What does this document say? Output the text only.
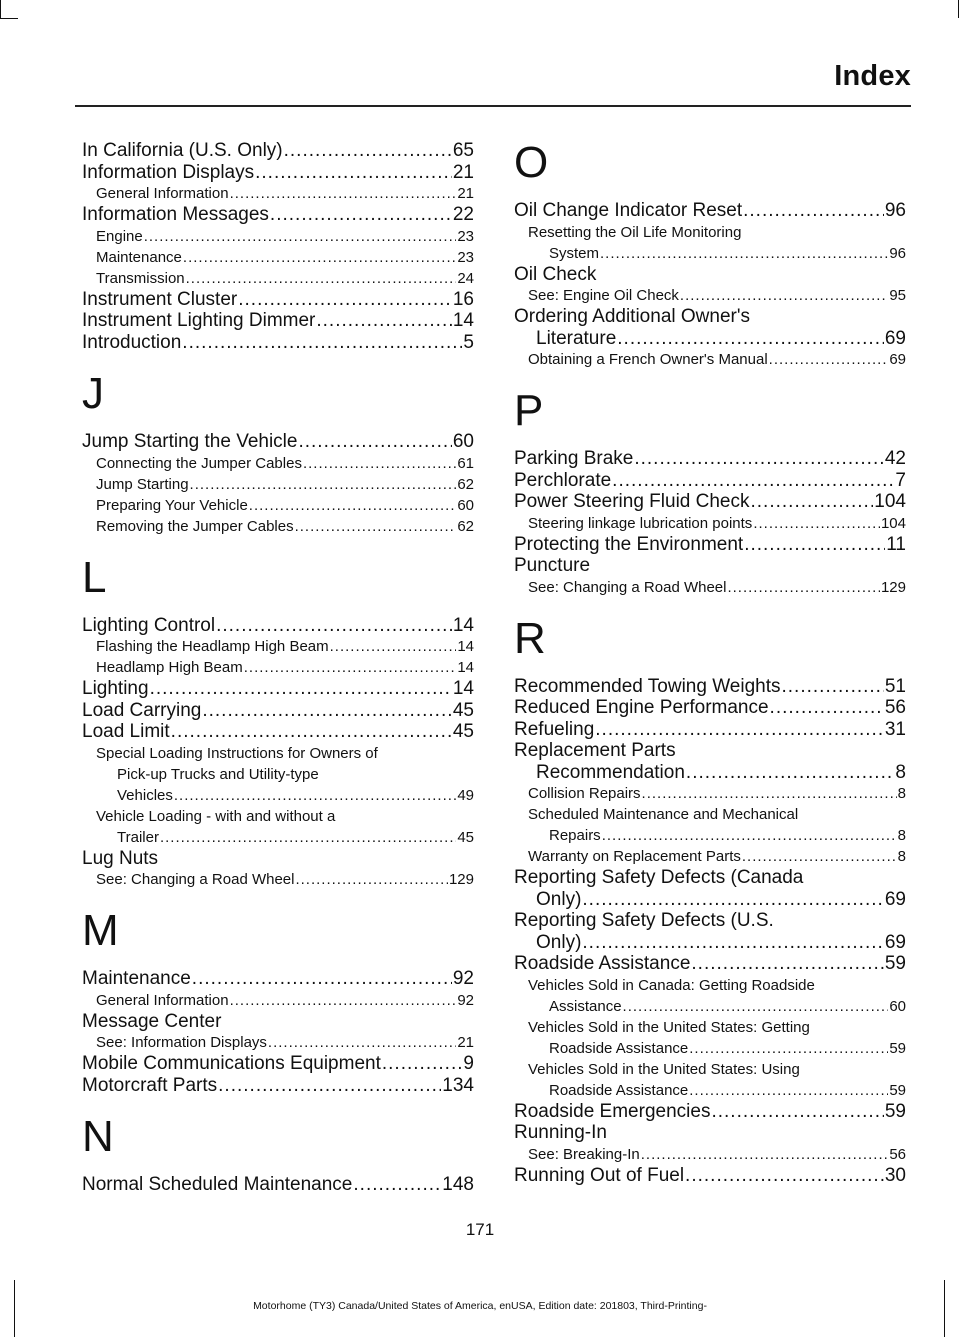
Index
In California (U.S. Only) .....	65
Information Displays .....	21
General Information .....	21
Information Messages .....	22
Engine .....	23
Maintenance .....	23
Transmission .....	24
Instrument Cluster .....	16
Instrument Lighting Dimmer .....	14
Introduction .....	5
J
Jump Starting the Vehicle .....	60
Connecting the Jumper Cables .....	61
Jump Starting .....	62
Preparing Your Vehicle .....	60
Removing the Jumper Cables .....	62
L
Lighting Control .....	14
Flashing the Headlamp High Beam .....	14
Headlamp High Beam .....	14
Lighting .....	14
Load Carrying .....	45
Load Limit .....	45
Special Loading Instructions for Owners of
Pick-up Trucks and Utility-type
Vehicles .....	49
Vehicle Loading - with and without a
Trailer .....	45
Lug Nuts
See: Changing a Road Wheel .....	129
M
Maintenance .....	92
General Information .....	92
Message Center
See: Information Displays .....	21
Mobile Communications Equipment .....	9
Motorcraft Parts .....	134
N
Normal Scheduled Maintenance .....	148
O
Oil Change Indicator Reset .....	96
Resetting the Oil Life Monitoring
System .....	96
Oil Check
See: Engine Oil Check .....	95
Ordering Additional Owner's
Literature .....	69
Obtaining a French Owner's Manual .....	69
P
Parking Brake .....	42
Perchlorate .....	7
Power Steering Fluid Check .....	104
Steering linkage lubrication points .....	104
Protecting the Environment .....	11
Puncture
See: Changing a Road Wheel .....	129
R
Recommended Towing Weights .....	51
Reduced Engine Performance .....	56
Refueling .....	31
Replacement Parts
Recommendation .....	8
Collision Repairs .....	8
Scheduled Maintenance and Mechanical
Repairs .....	8
Warranty on Replacement Parts .....	8
Reporting Safety Defects (Canada
Only) .....	69
Reporting Safety Defects (U.S.
Only) .....	69
Roadside Assistance .....	59
Vehicles Sold in Canada: Getting Roadside
Assistance .....	60
Vehicles Sold in the United States: Getting
Roadside Assistance .....	59
Vehicles Sold in the United States: Using
Roadside Assistance .....	59
Roadside Emergencies .....	59
Running-In
See: Breaking-In .....	56
Running Out of Fuel .....	30
171
Motorhome (TY3) Canada/United States of America, enUSA, Edition date: 201803, Third-Printing-
